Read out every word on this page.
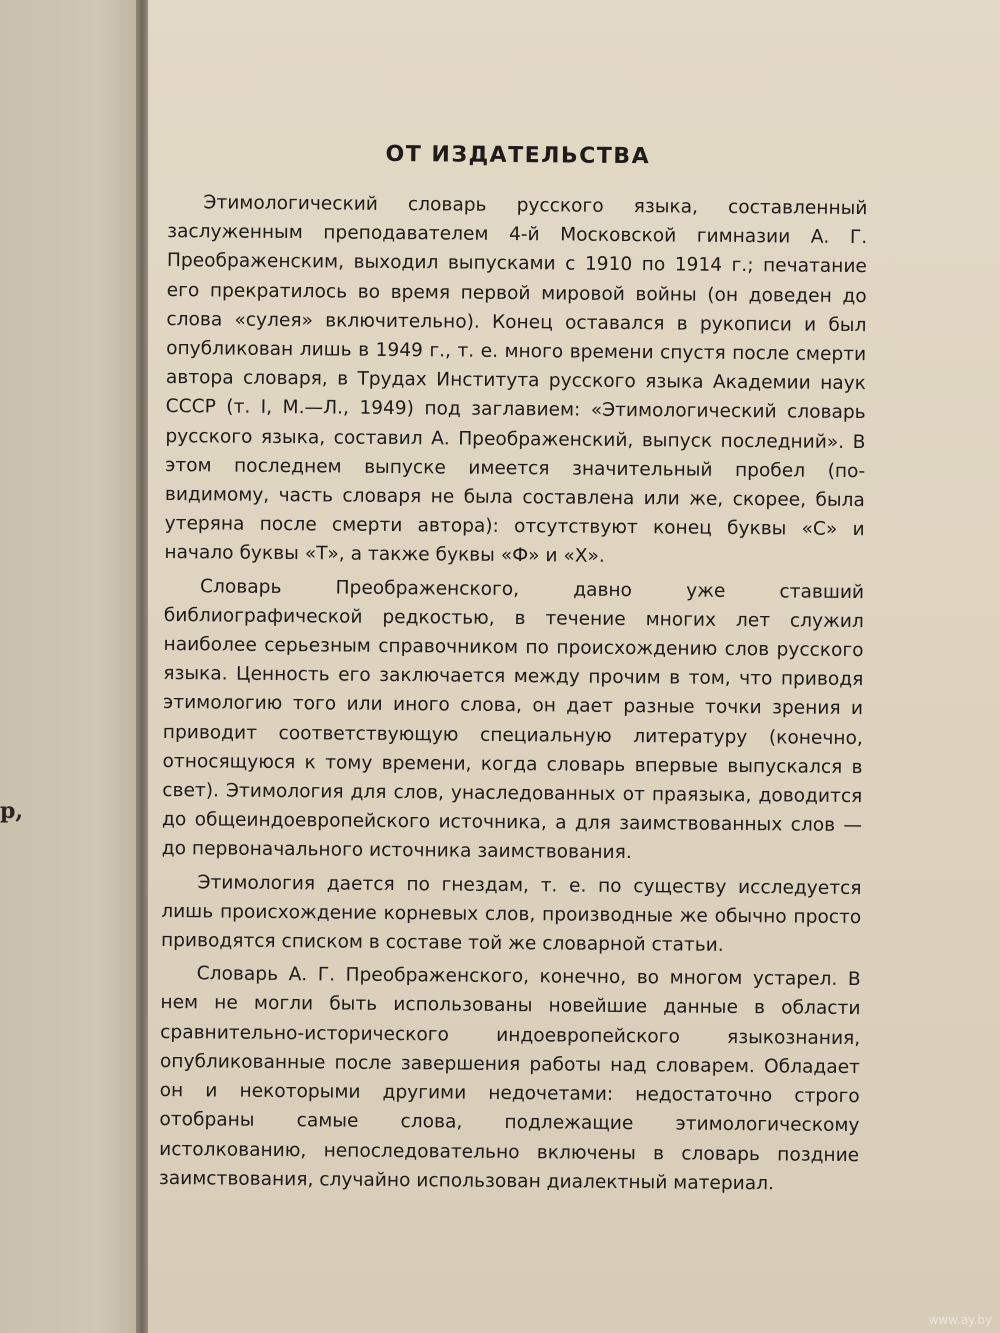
р,
ОТ ИЗДАТЕЛЬСТВА

Этимологический словарь русского языка, составленный заслуженным преподавателем 4-й Московской гимназии А. Г. Преображенским, выходил выпусками с 1910 по 1914 г.; печатание его прекратилось во время первой мировой войны (он доведен до слова «сулея» включительно). Конец оставался в рукописи и был опубликован лишь в 1949 г., т. е. много времени спустя после смерти автора словаря, в Трудах Института русского языка Академии наук СССР (т. I, М.—Л., 1949) под заглавием: «Этимологический словарь русского языка, составил А. Преображенский, выпуск последний». В этом последнем выпуске имеется значительный пробел (по-видимому, часть словаря не была составлена или же, скорее, была утеряна после смерти автора): отсутствуют конец буквы «С» и начало буквы «Т», а также буквы «Ф» и «Х».

Словарь Преображенского, давно уже ставший библиографической редкостью, в течение многих лет служил наиболее серьезным справочником по происхождению слов русского языка. Ценность его заключается между прочим в том, что приводя этимологию того или иного слова, он дает разные точки зрения и приводит соответствующую специальную литературу (конечно, относящуюся к тому времени, когда словарь впервые выпускался в свет). Этимология для слов, унаследованных от праязыка, доводится до общеиндоевропейского источника, а для заимствованных слов — до первоначального источника заимствования.

Этимология дается по гнездам, т. е. по существу исследуется лишь происхождение корневых слов, производные же обычно просто приводятся списком в составе той же словарной статьи.

Словарь А. Г. Преображенского, конечно, во многом устарел. В нем не могли быть использованы новейшие данные в области сравнительно-исторического индоевропейского языкознания, опубликованные после завершения работы над словарем. Обладает он и некоторыми другими недочетами: недостаточно строго отобраны самые слова, подлежащие этимологическому истолкованию, непоследовательно включены в словарь поздние заимствования, случайно использован диалектный материал.

www.ay.by
